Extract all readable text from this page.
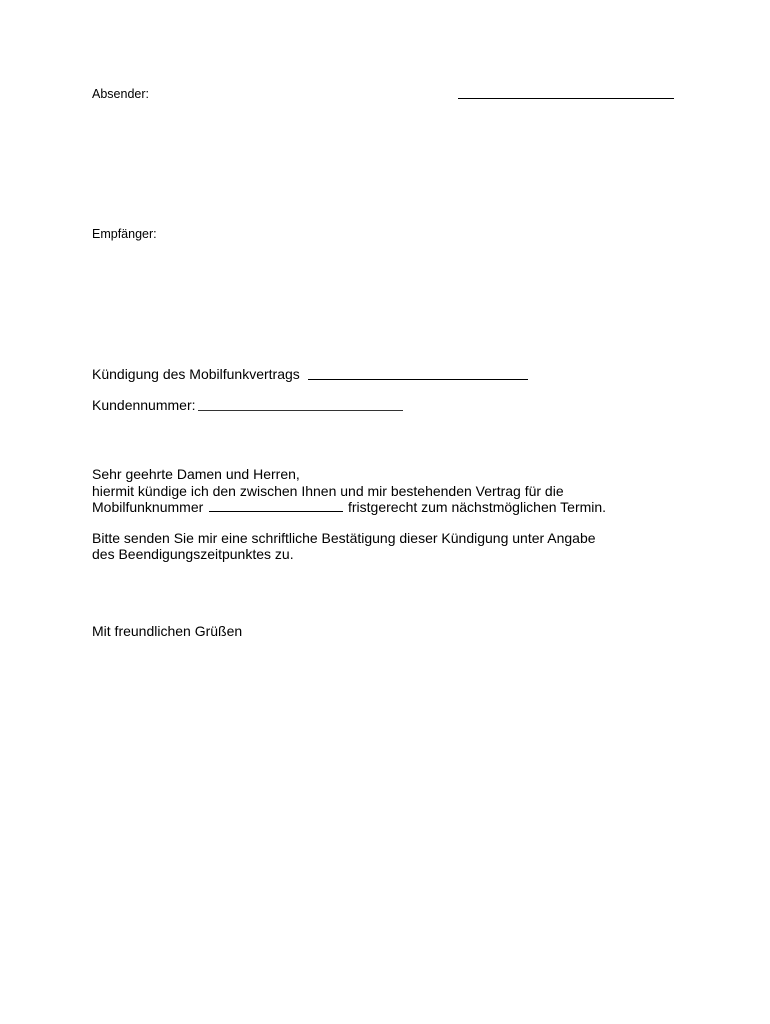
Absender:
Empfänger:
Kündigung des Mobilfunkvertrags
Kundennummer:
Sehr geehrte Damen und Herren,
hiermit kündige ich den zwischen Ihnen und mir bestehenden Vertrag für die
Mobilfunknummer	fristgerecht zum nächstmöglichen Termin.
Bitte senden Sie mir eine schriftliche Bestätigung dieser Kündigung unter Angabe
des Beendigungszeitpunktes zu.
Mit freundlichen Grüßen
